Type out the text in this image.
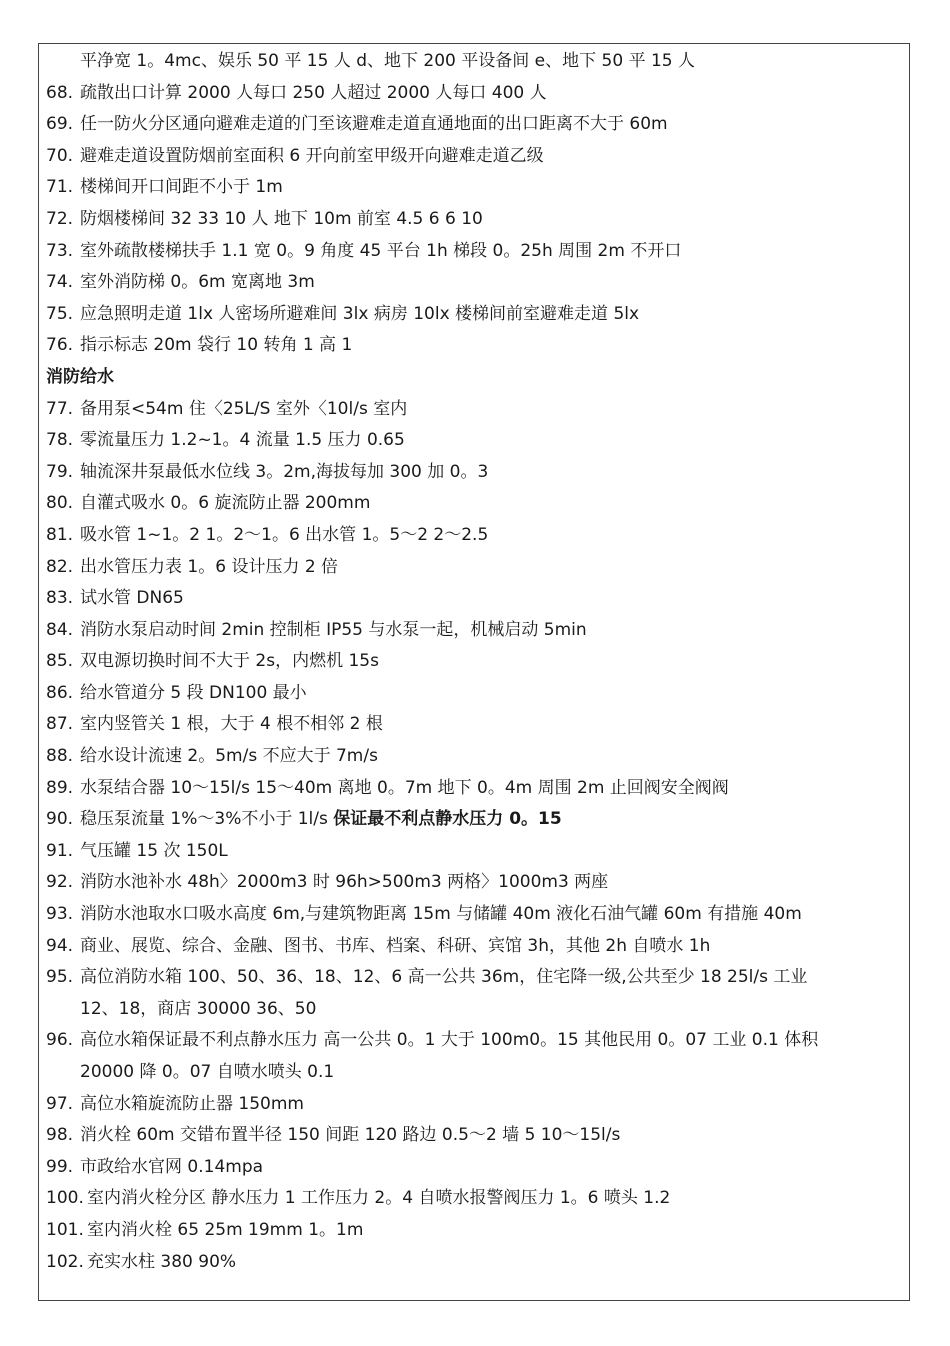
平净宽 1。4mc、娱乐 50 平 15 人 d、地下 200 平设备间 e、地下 50 平 15 人
68. 疏散出口计算 2000 人每口 250 人超过 2000 人每口 400 人
69. 任一防火分区通向避难走道的门至该避难走道直通地面的出口距离不大于 60m
70. 避难走道设置防烟前室面积 6 开向前室甲级开向避难走道乙级
71. 楼梯间开口间距不小于 1m
72. 防烟楼梯间 32 33 10 人 地下 10m 前室 4.5 6 6 10
73. 室外疏散楼梯扶手 1.1 宽 0。9 角度 45 平台 1h 梯段 0。25h 周围 2m 不开口
74. 室外消防梯 0。6m 宽离地 3m
75. 应急照明走道 1lx 人密场所避难间 3lx 病房 10lx 楼梯间前室避难走道 5lx
76. 指示标志 20m 袋行 10 转角 1 高 1
消防给水
77. 备用泵<54m 住〈25L/S 室外〈10l/s 室内
78. 零流量压力 1.2~1。4 流量 1.5 压力 0.65
79. 轴流深井泵最低水位线 3。2m,海拔每加 300 加 0。3
80. 自灌式吸水 0。6 旋流防止器 200mm
81. 吸水管 1~1。2 1。2～1。6 出水管 1。5～2 2～2.5
82. 出水管压力表 1。6 设计压力 2 倍
83. 试水管 DN65
84. 消防水泵启动时间 2min 控制柜 IP55 与水泵一起，机械启动 5min
85. 双电源切换时间不大于 2s，内燃机 15s
86. 给水管道分 5 段 DN100 最小
87. 室内竖管关 1 根，大于 4 根不相邻 2 根
88. 给水设计流速 2。5m/s 不应大于 7m/s
89. 水泵结合器 10～15l/s 15～40m 离地 0。7m 地下 0。4m 周围 2m 止回阀安全阀阀
90. 稳压泵流量 1%～3%不小于 1l/s 保证最不利点静水压力 0。15
91. 气压罐 15 次 150L
92. 消防水池补水 48h〉2000m3 时 96h>500m3 两格〉1000m3 两座
93. 消防水池取水口吸水高度 6m,与建筑物距离 15m 与储罐 40m 液化石油气罐 60m 有措施 40m
94. 商业、展览、综合、金融、图书、书库、档案、科研、宾馆 3h，其他 2h 自喷水 1h
95. 高位消防水箱 100、50、36、18、12、6 高一公共 36m，住宅降一级,公共至少 18 25l/s 工业
12、18，商店 30000 36、50
96. 高位水箱保证最不利点静水压力 高一公共 0。1 大于 100m0。15 其他民用 0。07 工业 0.1 体积
20000 降 0。07 自喷水喷头 0.1
97. 高位水箱旋流防止器 150mm
98. 消火栓 60m 交错布置半径 150 间距 120 路边 0.5～2 墙 5 10～15l/s
99. 市政给水官网 0.14mpa
100. 室内消火栓分区 静水压力 1 工作压力 2。4 自喷水报警阀压力 1。6 喷头 1.2
101. 室内消火栓 65 25m 19mm 1。1m
102. 充实水柱 380 90%
